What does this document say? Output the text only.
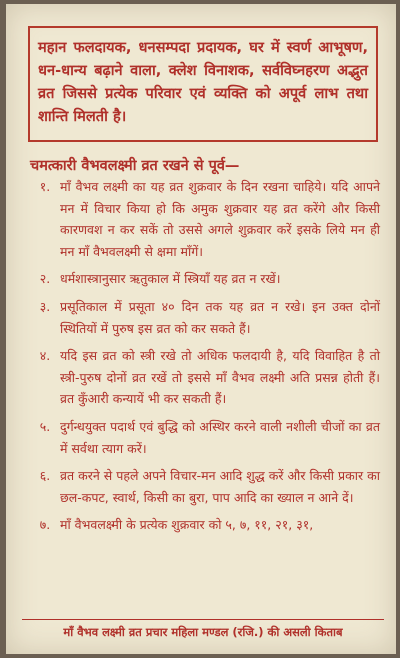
महान फलदायक, धनसम्पदा प्रदायक, घर में स्वर्ण आभूषण, धन-धान्य बढ़ाने वाला, क्लेश विनाशक, सर्वविघ्नहरण अद्भुत व्रत जिससे प्रत्येक परिवार एवं व्यक्ति को अपूर्व लाभ तथा शान्ति मिलती है।
चमत्कारी वैभवलक्ष्मी व्रत रखने से पूर्व—
१. माँ वैभव लक्ष्मी का यह व्रत शुक्रवार के दिन रखना चाहिये। यदि आपने मन में विचार किया हो कि अमुक शुक्रवार यह व्रत करेंगे और किसी कारणवश न कर सकें तो उससे अगले शुक्रवार करें इसके लिये मन ही मन माँ वैभवलक्ष्मी से क्षमा माँगें।
२. धर्मशास्त्रानुसार ऋतुकाल में स्त्रियाँ यह व्रत न रखें।
३. प्रसूतिकाल में प्रसूता ४० दिन तक यह व्रत न रखे। इन उक्त दोनों स्थितियों में पुरुष इस व्रत को कर सकते हैं।
४. यदि इस व्रत को स्त्री रखे तो अधिक फलदायी है, यदि विवाहित है तो स्त्री-पुरुष दोनों व्रत रखें तो इससे माँ वैभव लक्ष्मी अति प्रसन्न होती हैं। व्रत कुँआरी कन्यायें भी कर सकती हैं।
५. दुर्गन्धयुक्त पदार्थ एवं बुद्धि को अस्थिर करने वाली नशीली चीजों का व्रत में सर्वथा त्याग करें।
६. व्रत करने से पहले अपने विचार-मन आदि शुद्ध करें और किसी प्रकार का छल-कपट, स्वार्थ, किसी का बुरा, पाप आदि का ख्याल न आने दें।
७. माँ वैभवलक्ष्मी के प्रत्येक शुक्रवार को ५, ७, ११, २१, ३१,
माँ वैभव लक्ष्मी व्रत प्रचार महिला मण्डल (रजि.) की असली किताब
